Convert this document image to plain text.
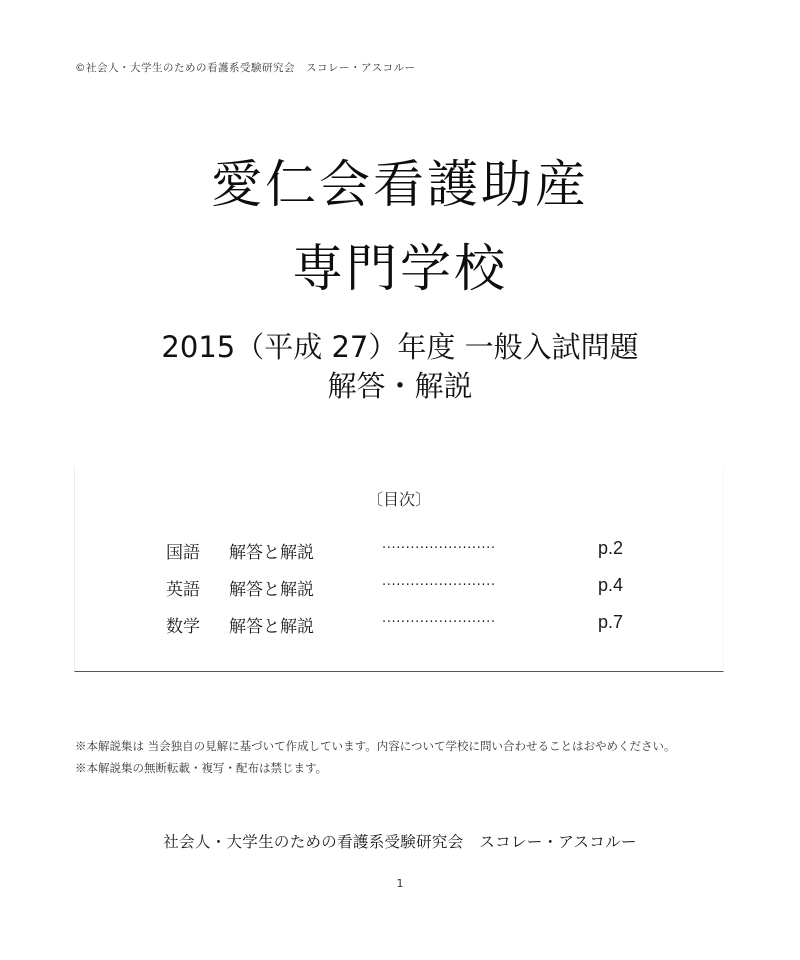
©社会人・大学生のための看護系受験研究会　スコレー・アスコルー
愛仁会看護助産
専門学校
2015（平成 27）年度 一般入試問題
解答・解説
〔目次〕
国語 解答と解説	························	p.2
英語 解答と解説	························	p.4
数学 解答と解説	························	p.7

※本解説集は 当会独自の見解に基づいて作成しています。内容について学校に問い合わせることはおやめください。

※本解説集の無断転載・複写・配布は禁じます。

社会人・大学生のための看護系受験研究会　スコレー・アスコルー
1
